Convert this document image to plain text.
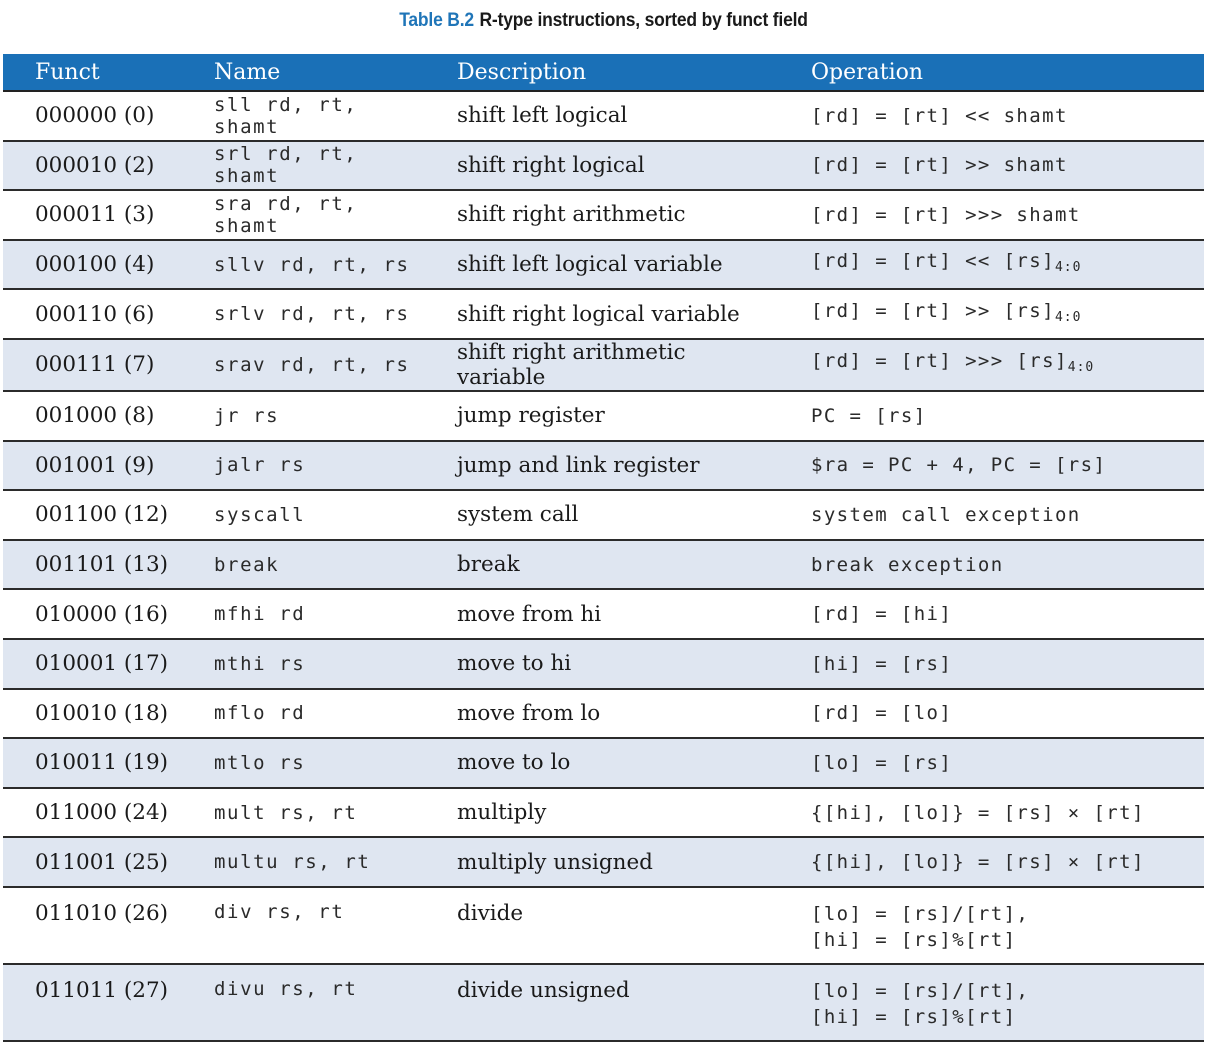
Table B.2 R-type instructions, sorted by funct field
Funct	Name	Description	Operation
000000 (0)	sll rd, rt, shamt	shift left logical	[rd] = [rt] << shamt

000010 (2)	srl rd, rt, shamt	shift right logical	[rd] = [rt] >> shamt

000011 (3)	sra rd, rt, shamt	shift right arithmetic	[rd] = [rt] >>> shamt

000100 (4)	sllv rd, rt, rs	shift left logical variable	$[rd] = [rt] << [rs]_{4:0}$

000110 (6)	srlv rd, rt, rs	shift right logical variable	$[rd] = [rt] >> [rs]_{4:0}$

000111 (7)	srav rd, rt, rs	shift right arithmetic variable	[rd] = [rt] >>> $[rs]_{4:0}$

001000 (8)	jr rs	jump register	PC = [rs]

001001 (9)	jalr rs	jump and link register	$ra = PC + 4, PC = [rs]

001100 (12)	syscall	system call	system call exception

001101 (13)	break	break	break exception

010000 (16)	mfhi rd	move from hi	[rd] = [hi]

010001 (17)	mthi rs	move to hi	[hi] = [rs]

010010 (18)	mflo rd	move from lo	[rd] = [lo]

010011 (19)	mtlo rs	move to lo	[lo] = [rs]

011000 (24)	mult rs, rt	multiply	{[hi], [lo]} = [rs] × [rt]

011001 (25)	multu rs, rt	multiply unsigned	{[hi], [lo]} = [rs] × [rt]

011010 (26)	div rs, rt	divide	[lo] = [rs]/[rt],
[hi] = [rs]%[rt]

011011 (27)	divu rs, rt	divide unsigned	[lo] = [rs]/[rt],
[hi] = [rs]%[rt]
